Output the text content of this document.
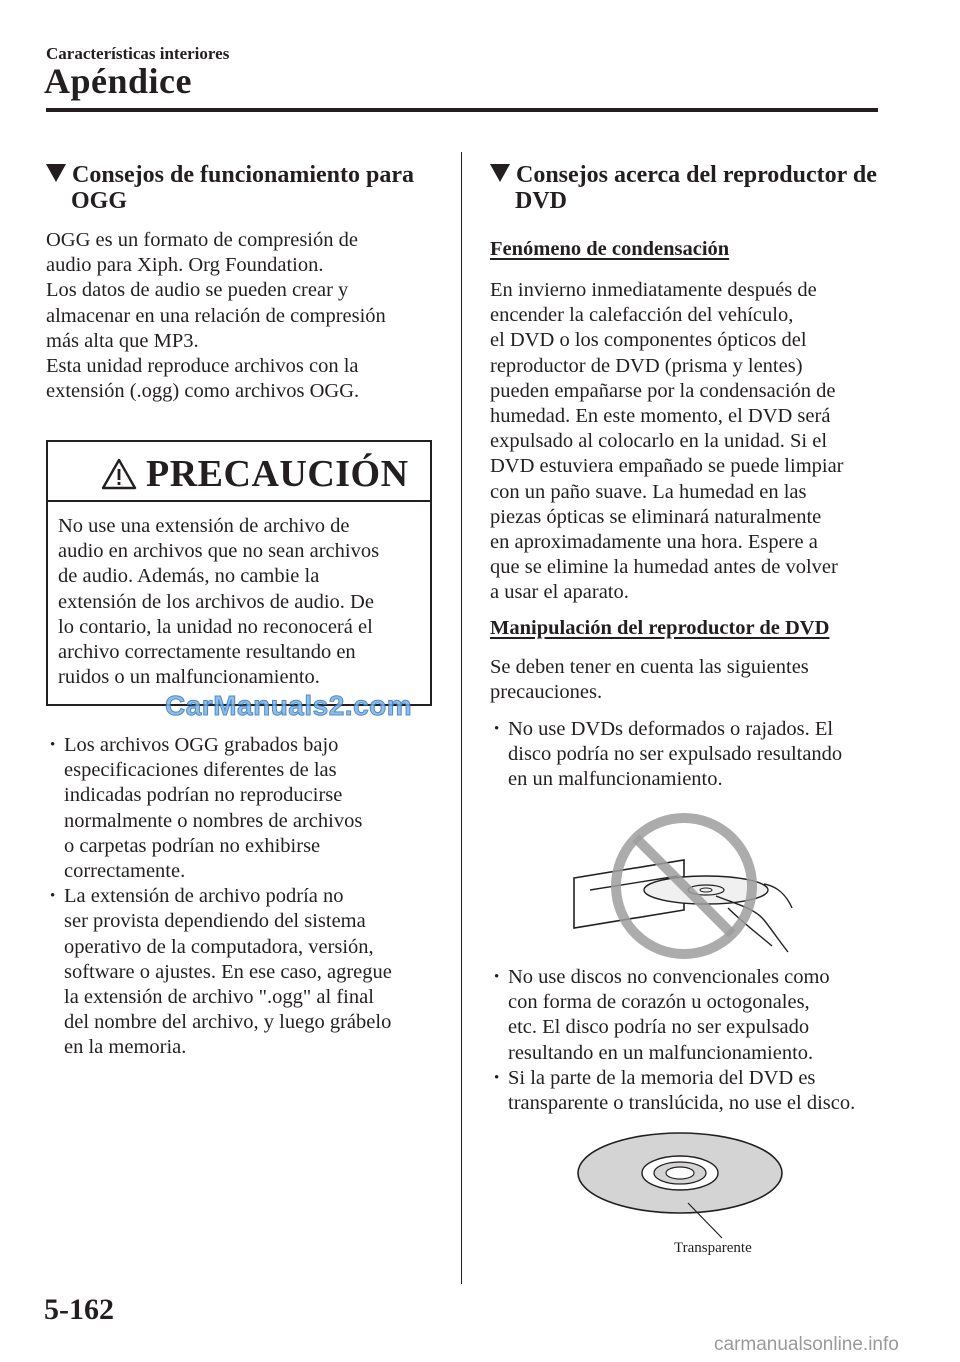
Características interiores
Apéndice
Consejos de funcionamiento para
OGG

OGG es un formato de compresión de

audio para Xiph. Org Foundation.

Los datos de audio se pueden crear y

almacenar en una relación de compresión

más alta que MP3.

Esta unidad reproduce archivos con la

extensión (.ogg) como archivos OGG.

PRECAUCIÓN
No use una extensión de archivo de
audio en archivos que no sean archivos
de audio. Además, no cambie la
extensión de los archivos de audio. De
lo contario, la unidad no reconocerá el
archivo correctamente resultando en
ruidos o un malfuncionamiento.
CarManuals2.com
• Los archivos OGG grabados bajo
especificaciones diferentes de las
indicadas podrían no reproducirse
normalmente o nombres de archivos
o carpetas podrían no exhibirse
correctamente.
• La extensión de archivo podría no
ser provista dependiendo del sistema
operativo de la computadora, versión,
software o ajustes. En ese caso, agregue
la extensión de archivo ".ogg" al final
del nombre del archivo, y luego grábelo
en la memoria.
Consejos acerca del reproductor de
DVD
Fenómeno de condensación

En invierno inmediatamente después de

encender la calefacción del vehículo,

el DVD o los componentes ópticos del

reproductor de DVD (prisma y lentes)

pueden empañarse por la condensación de

humedad. En este momento, el DVD será

expulsado al colocarlo en la unidad. Si el

DVD estuviera empañado se puede limpiar

con un paño suave. La humedad en las

piezas ópticas se eliminará naturalmente

en aproximadamente una hora. Espere a

que se elimine la humedad antes de volver

a usar el aparato.

Manipulación del reproductor de DVD

Se deben tener en cuenta las siguientes

precauciones.

• No use DVDs deformados o rajados. El
disco podría no ser expulsado resultando
en un malfuncionamiento.
• No use discos no convencionales como
con forma de corazón u octogonales,
etc. El disco podría no ser expulsado
resultando en un malfuncionamiento.
• Si la parte de la memoria del DVD es
transparente o translúcida, no use el disco.
Transparente
5-162
carmanualsonline.info
